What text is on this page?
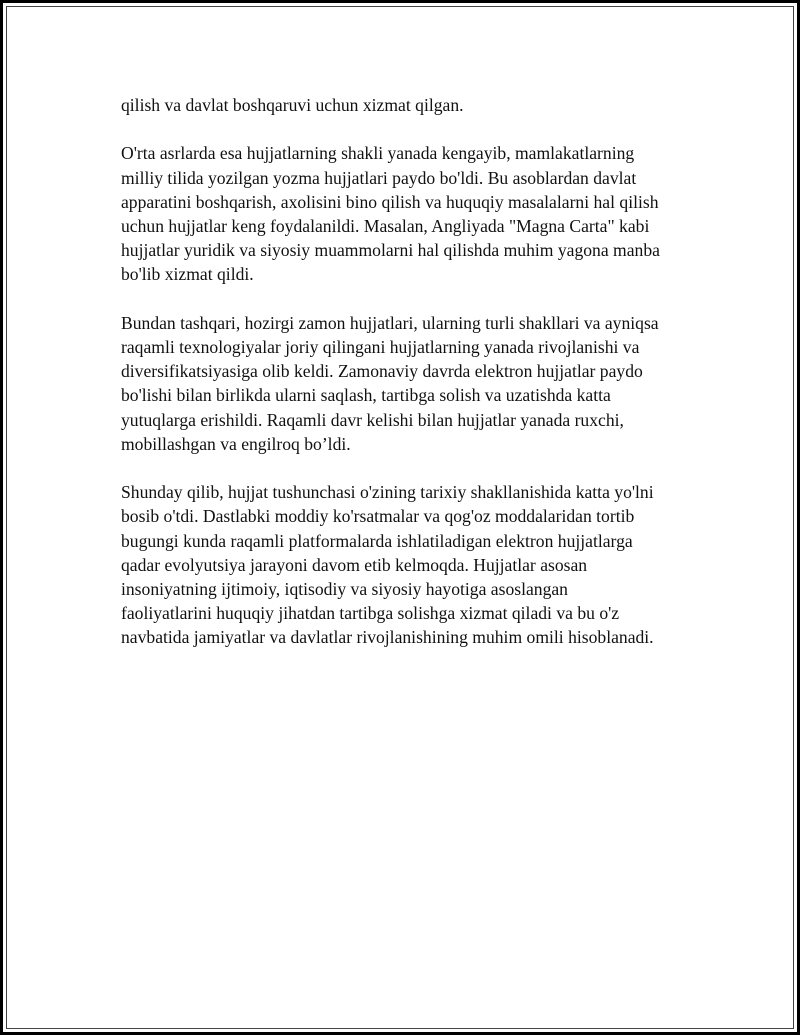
qilish va davlat boshqaruvi uchun xizmat qilgan.

O'rta asrlarda esa hujjatlarning shakli yanada kengayib, mamlakatlarning
milliy tilida yozilgan yozma hujjatlari paydo bo'ldi. Bu asoblardan davlat
apparatini boshqarish, axolisini bino qilish va huquqiy masalalarni hal qilish
uchun hujjatlar keng foydalanildi. Masalan, Angliyada "Magna Carta" kabi
hujjatlar yuridik va siyosiy muammolarni hal qilishda muhim yagona manba
bo'lib xizmat qildi.

Bundan tashqari, hozirgi zamon hujjatlari, ularning turli shakllari va ayniqsa
raqamli texnologiyalar joriy qilingani hujjatlarning yanada rivojlanishi va
diversifikatsiyasiga olib keldi. Zamonaviy davrda elektron hujjatlar paydo
bo'lishi bilan birlikda ularni saqlash, tartibga solish va uzatishda katta
yutuqlarga erishildi. Raqamli davr kelishi bilan hujjatlar yanada ruxchi,
mobillashgan va engilroq bo’ldi.

Shunday qilib, hujjat tushunchasi o'zining tarixiy shakllanishida katta yo'lni
bosib o'tdi. Dastlabki moddiy ko'rsatmalar va qog'oz moddalaridan tortib
bugungi kunda raqamli platformalarda ishlatiladigan elektron hujjatlarga
qadar evolyutsiya jarayoni davom etib kelmoqda. Hujjatlar asosan
insoniyatning ijtimoiy, iqtisodiy va siyosiy hayotiga asoslangan
faoliyatlarini huquqiy jihatdan tartibga solishga xizmat qiladi va bu o'z
navbatida jamiyatlar va davlatlar rivojlanishining muhim omili hisoblanadi.
